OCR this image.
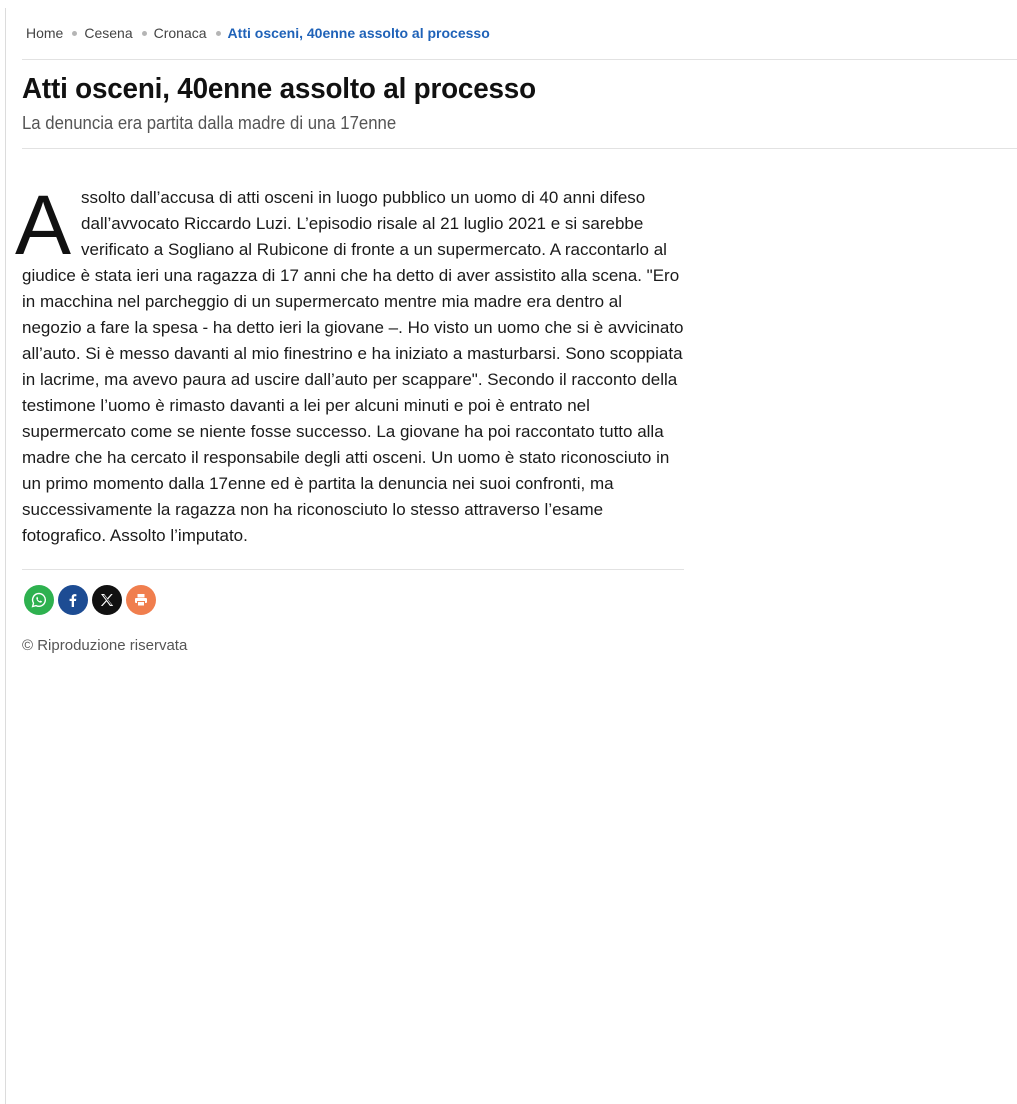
Home Cesena Cronaca Atti osceni, 40enne assolto al processo
Atti osceni, 40enne assolto al processo
La denuncia era partita dalla madre di una 17enne

Assolto dall’accusa di atti osceni in luogo pubblico un uomo di 40 anni difeso dall’avvocato Riccardo Luzi. L’episodio risale al 21 luglio 2021 e si sarebbe verificato a Sogliano al Rubicone di fronte a un supermercato. A raccontarlo al giudice è stata ieri una ragazza di 17 anni che ha detto di aver assistito alla scena. "Ero in macchina nel parcheggio di un supermercato mentre mia madre era dentro al negozio a fare la spesa - ha detto ieri la giovane –. Ho visto un uomo che si è avvicinato all’auto. Si è messo davanti al mio finestrino e ha iniziato a masturbarsi. Sono scoppiata in lacrime, ma avevo paura ad uscire dall’auto per scappare". Secondo il racconto della testimone l’uomo è rimasto davanti a lei per alcuni minuti e poi è entrato nel supermercato come se niente fosse successo. La giovane ha poi raccontato tutto alla madre che ha cercato il responsabile degli atti osceni. Un uomo è stato riconosciuto in un primo momento dalla 17enne ed è partita la denuncia nei suoi confronti, ma successivamente la ragazza non ha riconosciuto lo stesso attraverso l’esame fotografico. Assolto l’imputato.

© Riproduzione riservata
